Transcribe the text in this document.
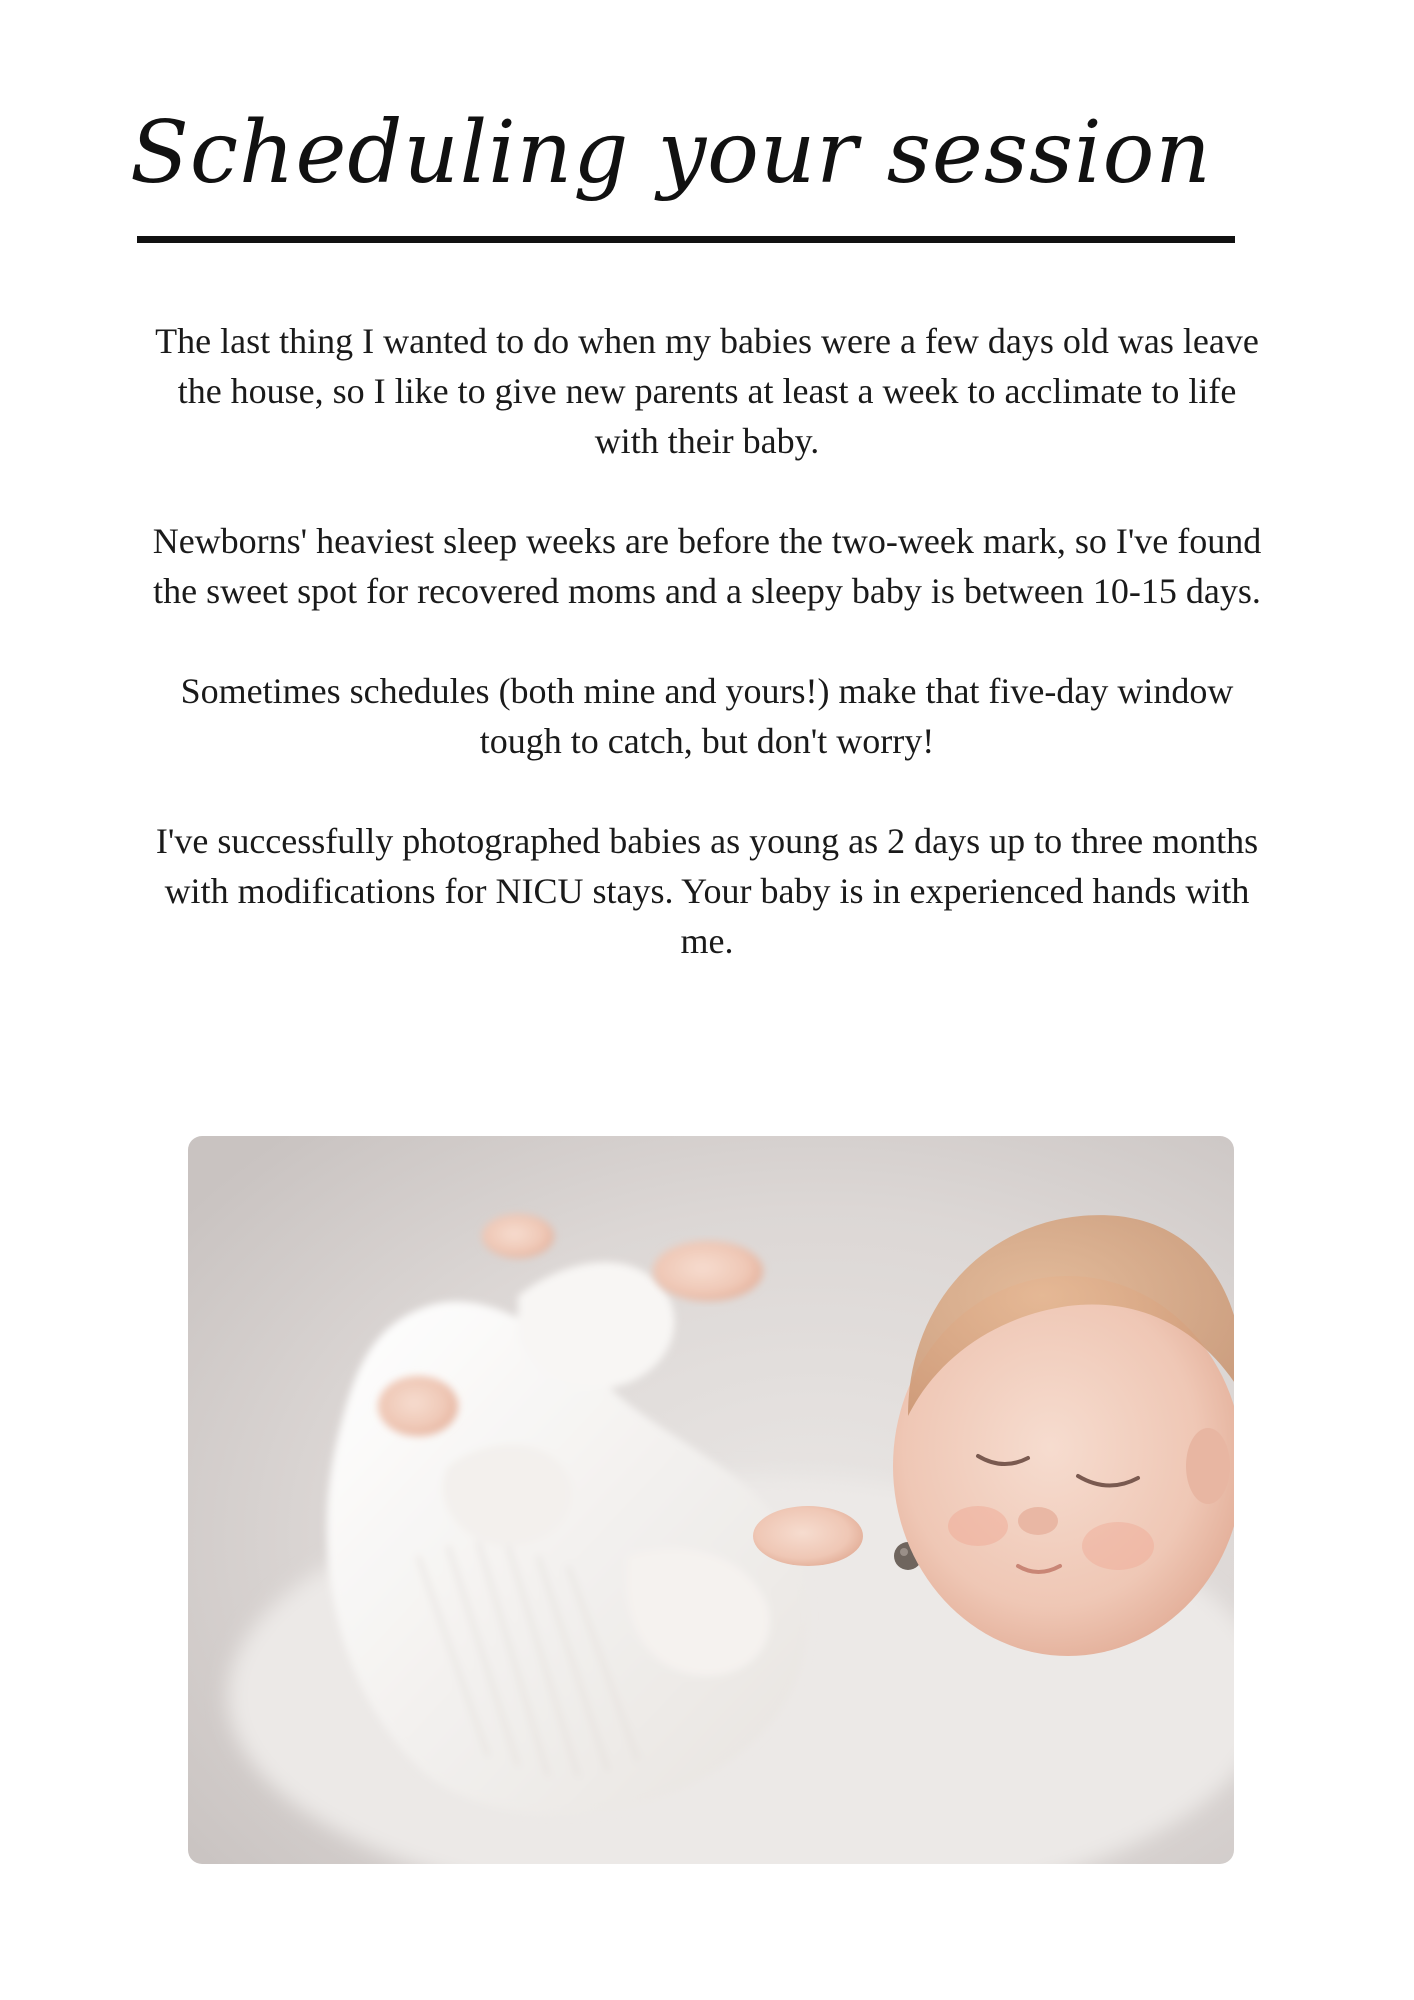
Scheduling your session

The last thing I wanted to do when my babies were a few days old was leave the house, so I like to give new parents at least a week to acclimate to life with their baby.

Newborns' heaviest sleep weeks are before the two-week mark, so I've found the sweet spot for recovered moms and a sleepy baby is between 10-15 days.

Sometimes schedules (both mine and yours!) make that five-day window tough to catch, but don't worry!

I've successfully photographed babies as young as 2 days up to three months with modifications for NICU stays. Your baby is in experienced hands with me.
